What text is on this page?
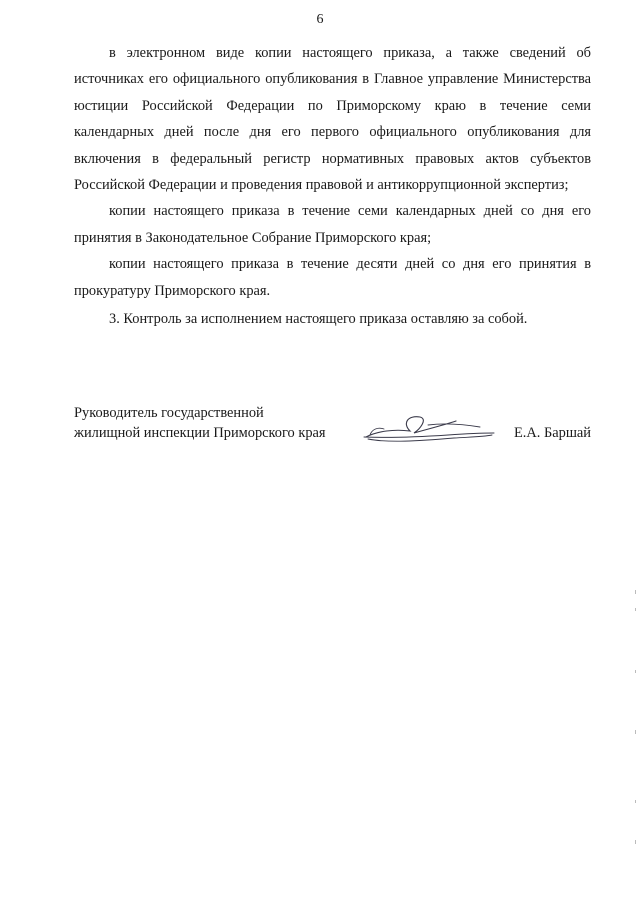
6

в электронном виде копии настоящего приказа, а также сведений об источниках его официального опубликования в Главное управление Министерства юстиции Российской Федерации по Приморскому краю в течение семи календарных дней после дня его первого официального опубликования для включения в федеральный регистр нормативных правовых актов субъектов Российской Федерации и проведения правовой и антикоррупционной экспертиз;

копии настоящего приказа в течение семи календарных дней со дня его принятия в Законодательное Собрание Приморского края;

копии настоящего приказа в течение десяти дней со дня его принятия в прокуратуру Приморского края.

3. Контроль за исполнением настоящего приказа оставляю за собой.

Руководитель государственной
жилищной инспекции Приморского края	Е.А. Баршай
